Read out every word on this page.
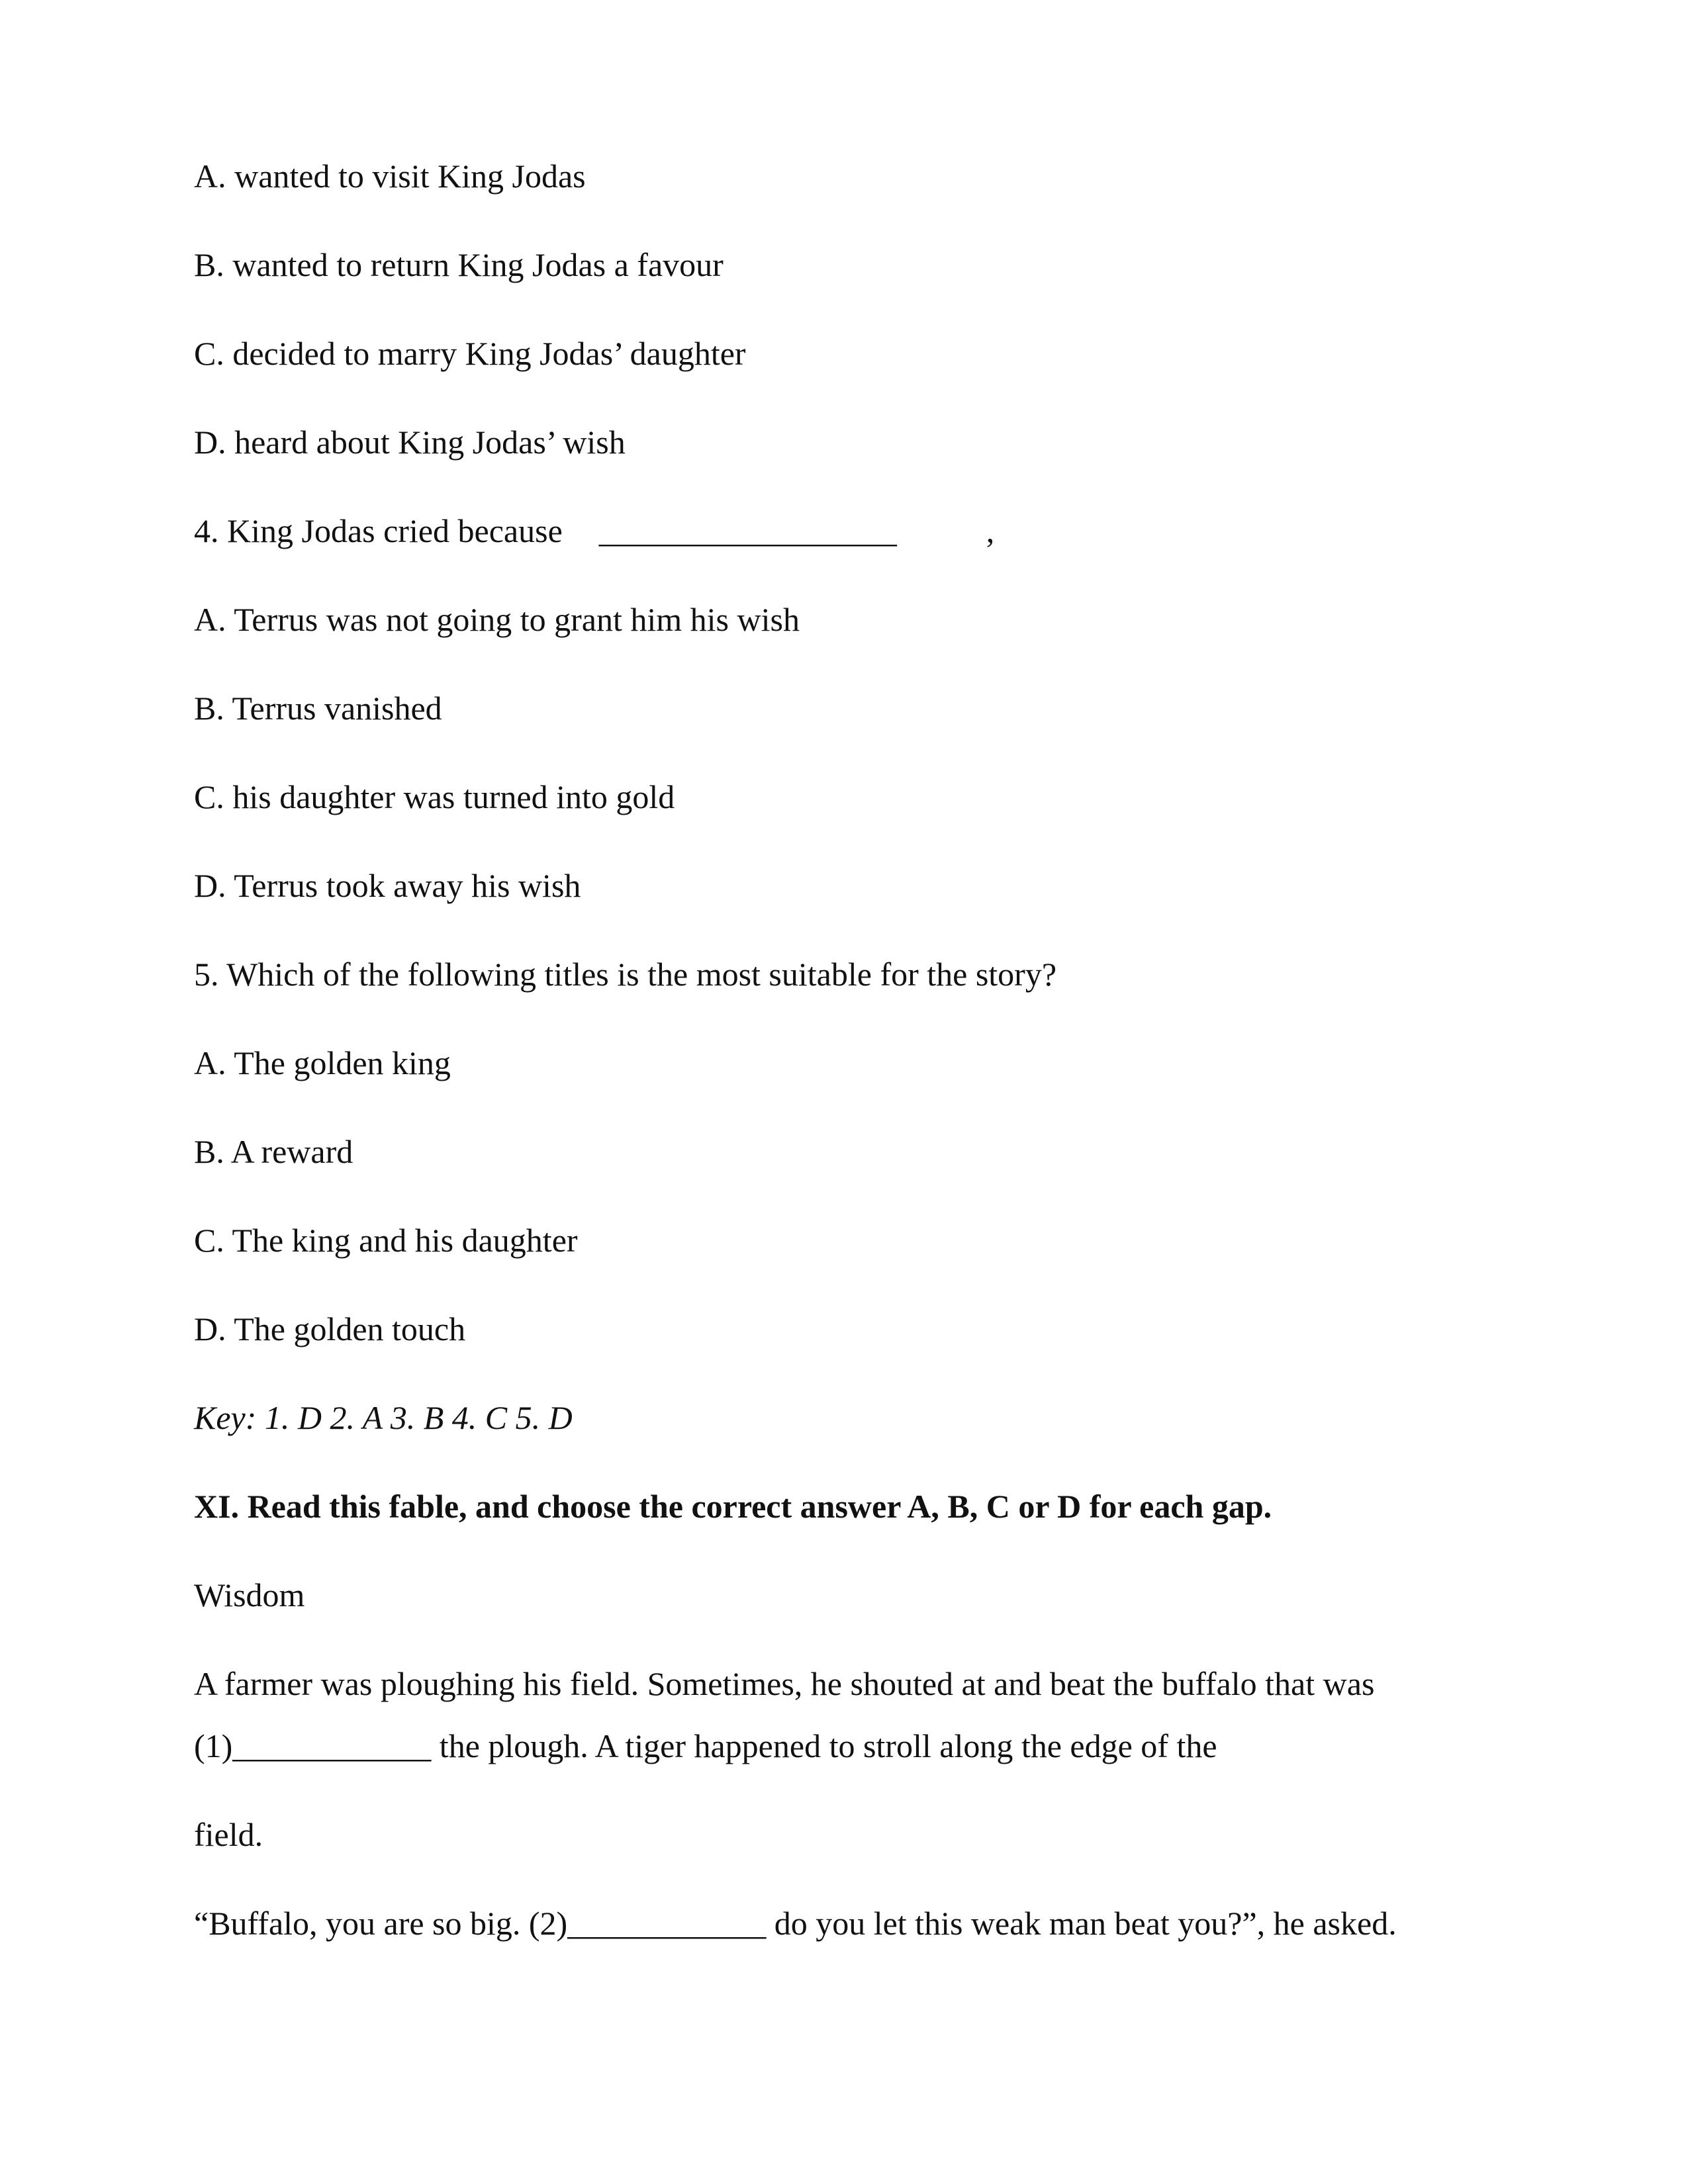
A. wanted to visit King Jodas
B. wanted to return King Jodas a favour
C. decided to marry King Jodas’ daughter
D. heard about King Jodas’ wish
4. King Jodas cried because __________________	,
A. Terrus was not going to grant him his wish
B. Terrus vanished
C. his daughter was turned into gold
D. Terrus took away his wish
5. Which of the following titles is the most suitable for the story?
A. The golden king
B. A reward
C. The king and his daughter
D. The golden touch
Key: 1. D 2. A 3. B 4. C 5. D
XI. Read this fable, and choose the correct answer A, B, C or D for each gap.
Wisdom
A farmer was ploughing his field. Sometimes, he shouted at and beat the buffalo that was
(1)____________ the plough. A tiger happened to stroll along the edge of the
field.
“Buffalo, you are so big. (2)____________ do you let this weak man beat you?”, he asked.
